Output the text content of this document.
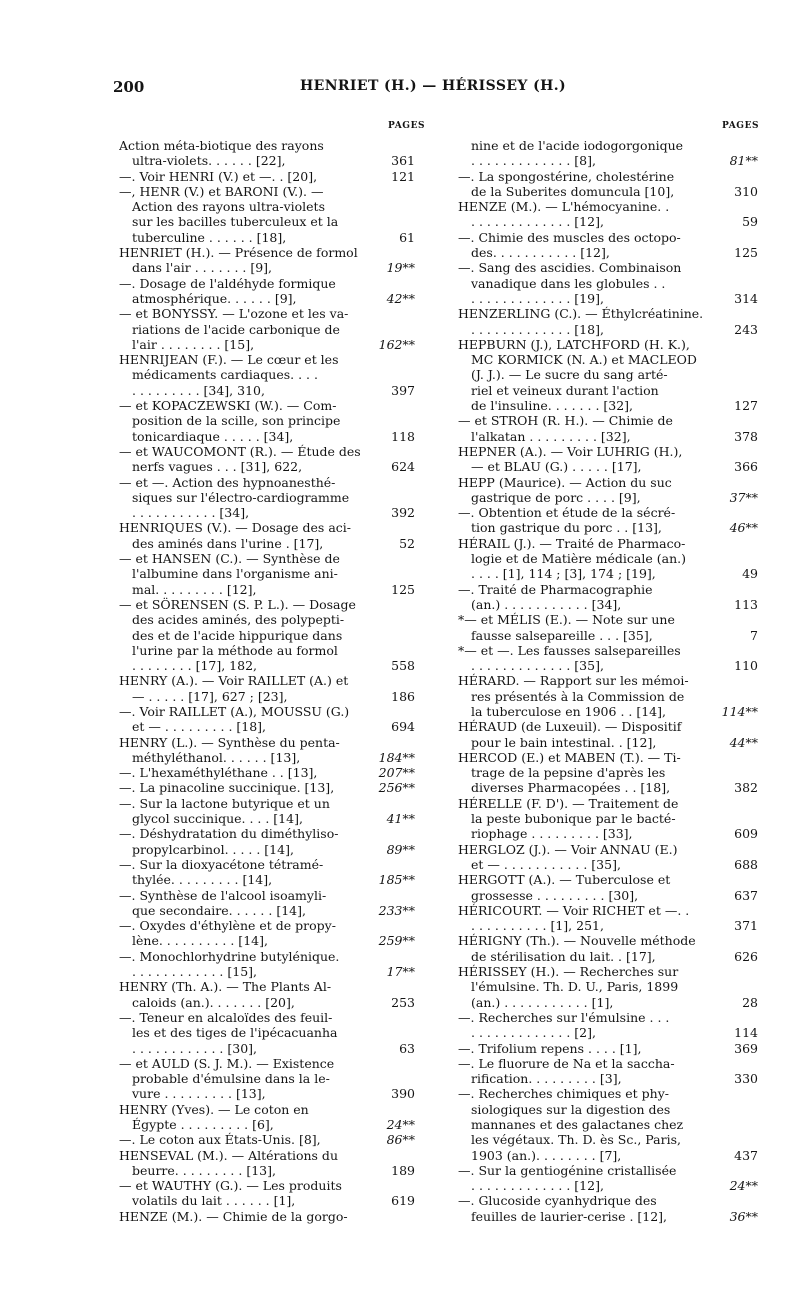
200	HENRIET (H.) — HÉRISSEY (H.)
PAGES	PAGES
Action méta-biotique des rayons
ultra-violets. . . . . . [22],	361
—. Voir HENRI (V.) et —. . [20],	121
—, HENR (V.) et BARONI (V.). —
Action des rayons ultra-violets
sur les bacilles tuberculeux et la
tuberculine . . . . . . [18],	61
HENRIET (H.). — Présence de formol
dans l'air . . . . . . . [9],	19**
—. Dosage de l'aldéhyde formique
atmosphérique. . . . . . [9],	42**
— et BONYSSY. — L'ozone et les va-
riations de l'acide carbonique de
l'air . . . . . . . . [15],	162**
HENRIJEAN (F.). — Le cœur et les
médicaments cardiaques. . . .
. . . . . . . . . [34], 310,	397
— et KOPACZEWSKI (W.). — Com-
position de la scille, son principe
tonicardiaque . . . . . [34],	118
— et WAUCOMONT (R.). — Étude des
nerfs vagues . . . [31], 622,	624
— et —. Action des hypnoanesthé-
siques sur l'électro-cardiogramme
. . . . . . . . . . . [34],	392
HENRIQUES (V.). — Dosage des aci-
des aminés dans l'urine . [17],	52
— et HANSEN (C.). — Synthèse de
l'albumine dans l'organisme ani-
mal. . . . . . . . . [12],	125
— et SÖRENSEN (S. P. L.). — Dosage
des acides aminés, des polypepti-
des et de l'acide hippurique dans
l'urine par la méthode au formol
. . . . . . . . [17], 182,	558
HENRY (A.). — Voir RAILLET (A.) et
— . . . . . [17], 627 ; [23],	186
—. Voir RAILLET (A.), MOUSSU (G.)
et — . . . . . . . . . [18],	694
HENRY (L.). — Synthèse du penta-
méthyléthanol. . . . . . [13],	184**
—. L'hexaméthyléthane . . [13],	207**
—. La pinacoline succinique. [13],	256**
—. Sur la lactone butyrique et un
glycol succinique. . . . [14],	41**
—. Déshydratation du diméthyliso-
propylcarbinol. . . . . [14],	89**
—. Sur la dioxyacétone tétramé-
thylée. . . . . . . . . [14],	185**
—. Synthèse de l'alcool isoamyli-
que secondaire. . . . . . [14],	233**
—. Oxydes d'éthylène et de propy-
lène. . . . . . . . . . [14],	259**
—. Monochlorhydrine butylénique.
. . . . . . . . . . . . [15],	17**
HENRY (Th. A.). — The Plants Al-
caloids (an.). . . . . . . [20],	253
—. Teneur en alcaloïdes des feuil-
les et des tiges de l'ipécacuanha
. . . . . . . . . . . . [30],	63
— et AULD (S. J. M.). — Existence
probable d'émulsine dans la le-
vure . . . . . . . . . [13],	390
HENRY (Yves). — Le coton en
Égypte . . . . . . . . . [6],	24**
—. Le coton aux États-Unis. [8],	86**
HENSEVAL (M.). — Altérations du
beurre. . . . . . . . . [13],	189
— et WAUTHY (G.). — Les produits
volatils du lait . . . . . . [1],	619
HENZE (M.). — Chimie de la gorgo-
nine et de l'acide iodogorgonique
. . . . . . . . . . . . . [8],	81**
—. La spongostérine, cholestérine
de la Suberites domuncula [10],	310
HENZE (M.). — L'hémocyanine. .
. . . . . . . . . . . . . [12],	59
—. Chimie des muscles des octopo-
des. . . . . . . . . . . [12],	125
—. Sang des ascidies. Combinaison
vanadique dans les globules . .
. . . . . . . . . . . . . [19],	314
HENZERLING (C.). — Éthylcréatinine.
. . . . . . . . . . . . . [18],	243
HEPBURN (J.), LATCHFORD (H. K.),
MC KORMICK (N. A.) et MACLEOD
(J. J.). — Le sucre du sang arté-
riel et veineux durant l'action
de l'insuline. . . . . . . [32],	127
— et STROH (R. H.). — Chimie de
l'alkatan . . . . . . . . . [32],	378
HEPNER (A.). — Voir LUHRIG (H.),
— et BLAU (G.) . . . . . [17],	366
HEPP (Maurice). — Action du suc
gastrique de porc . . . . [9],	37**
—. Obtention et étude de la sécré-
tion gastrique du porc . . [13],	46**
HÉRAIL (J.). — Traité de Pharmaco-
logie et de Matière médicale (an.)
. . . . [1], 114 ; [3], 174 ; [19],	49
—. Traité de Pharmacographie
(an.) . . . . . . . . . . . [34],	113
*— et MÉLIS (E.). — Note sur une
fausse salsepareille . . . [35],	7
*— et —. Les fausses salsepareilles
. . . . . . . . . . . . . [35],	110
HÉRARD. — Rapport sur les mémoi-
res présentés à la Commission de
la tuberculose en 1906 . . [14],	114**
HÉRAUD (de Luxeuil). — Dispositif
pour le bain intestinal. . [12],	44**
HERCOD (E.) et MABEN (T.). — Ti-
trage de la pepsine d'après les
diverses Pharmacopées . . [18],	382
HÉRELLE (F. D'). — Traitement de
la peste bubonique par le bacté-
riophage . . . . . . . . . [33],	609
HERGLOZ (J.). — Voir ANNAU (E.)
et — . . . . . . . . . . . [35],	688
HERGOTT (A.). — Tuberculose et
grossesse . . . . . . . . . [30],	637
HÉRICOURT. — Voir RICHET et —. .
. . . . . . . . . . [1], 251,	371
HÉRIGNY (Th.). — Nouvelle méthode
de stérilisation du lait. . [17],	626
HÉRISSEY (H.). — Recherches sur
l'émulsine. Th. D. U., Paris, 1899
(an.) . . . . . . . . . . . [1],	28
—. Recherches sur l'émulsine . . .
. . . . . . . . . . . . . [2],	114
—. Trifolium repens . . . . [1],	369
—. Le fluorure de Na et la saccha-
rification. . . . . . . . . [3],	330
—. Recherches chimiques et phy-
siologiques sur la digestion des
mannanes et des galactanes chez
les végétaux. Th. D. ès Sc., Paris,
1903 (an.). . . . . . . . [7],	437
—. Sur la gentiogénine cristallisée
. . . . . . . . . . . . . [12],	24**
—. Glucoside cyanhydrique des
feuilles de laurier-cerise . [12],	36**
